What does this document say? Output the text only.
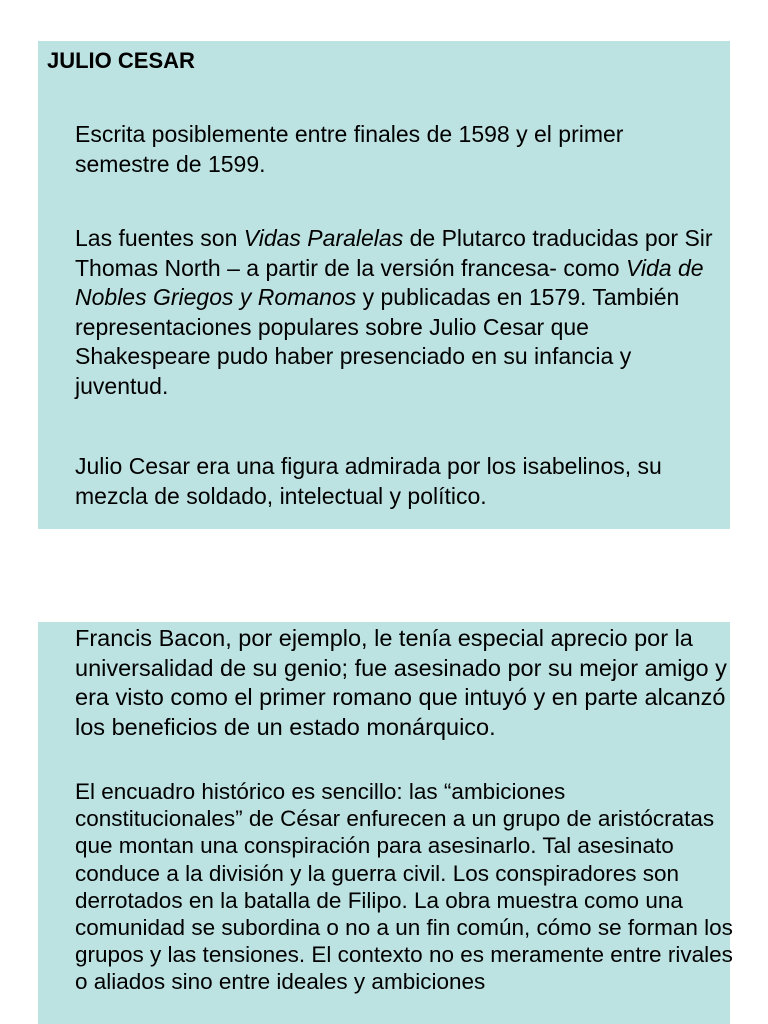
JULIO CESAR

Escrita posiblemente entre finales de 1598 y el primer semestre de 1599.

Las fuentes son Vidas Paralelas de Plutarco traducidas por Sir Thomas North – a partir de la versión francesa- como Vida de Nobles Griegos y Romanos y publicadas en 1579. También representaciones populares sobre Julio Cesar que Shakespeare pudo haber presenciado en su infancia y juventud.

Julio Cesar era una figura admirada por los isabelinos, su mezcla de soldado, intelectual y político.

Francis Bacon, por ejemplo, le tenía especial aprecio por la universalidad de su genio; fue asesinado por su mejor amigo y era visto como el primer romano que intuyó y en parte alcanzó los beneficios de un estado monárquico.

El encuadro histórico es sencillo: las “ambiciones constitucionales” de César enfurecen a un grupo de aristócratas que montan una conspiración para asesinarlo. Tal asesinato conduce a la división y la guerra civil. Los conspiradores son derrotados en la batalla de Filipo. La obra muestra como una comunidad se subordina o no a un fin común, cómo se forman los grupos y las tensiones. El contexto no es meramente entre rivales o aliados sino entre ideales y ambiciones
